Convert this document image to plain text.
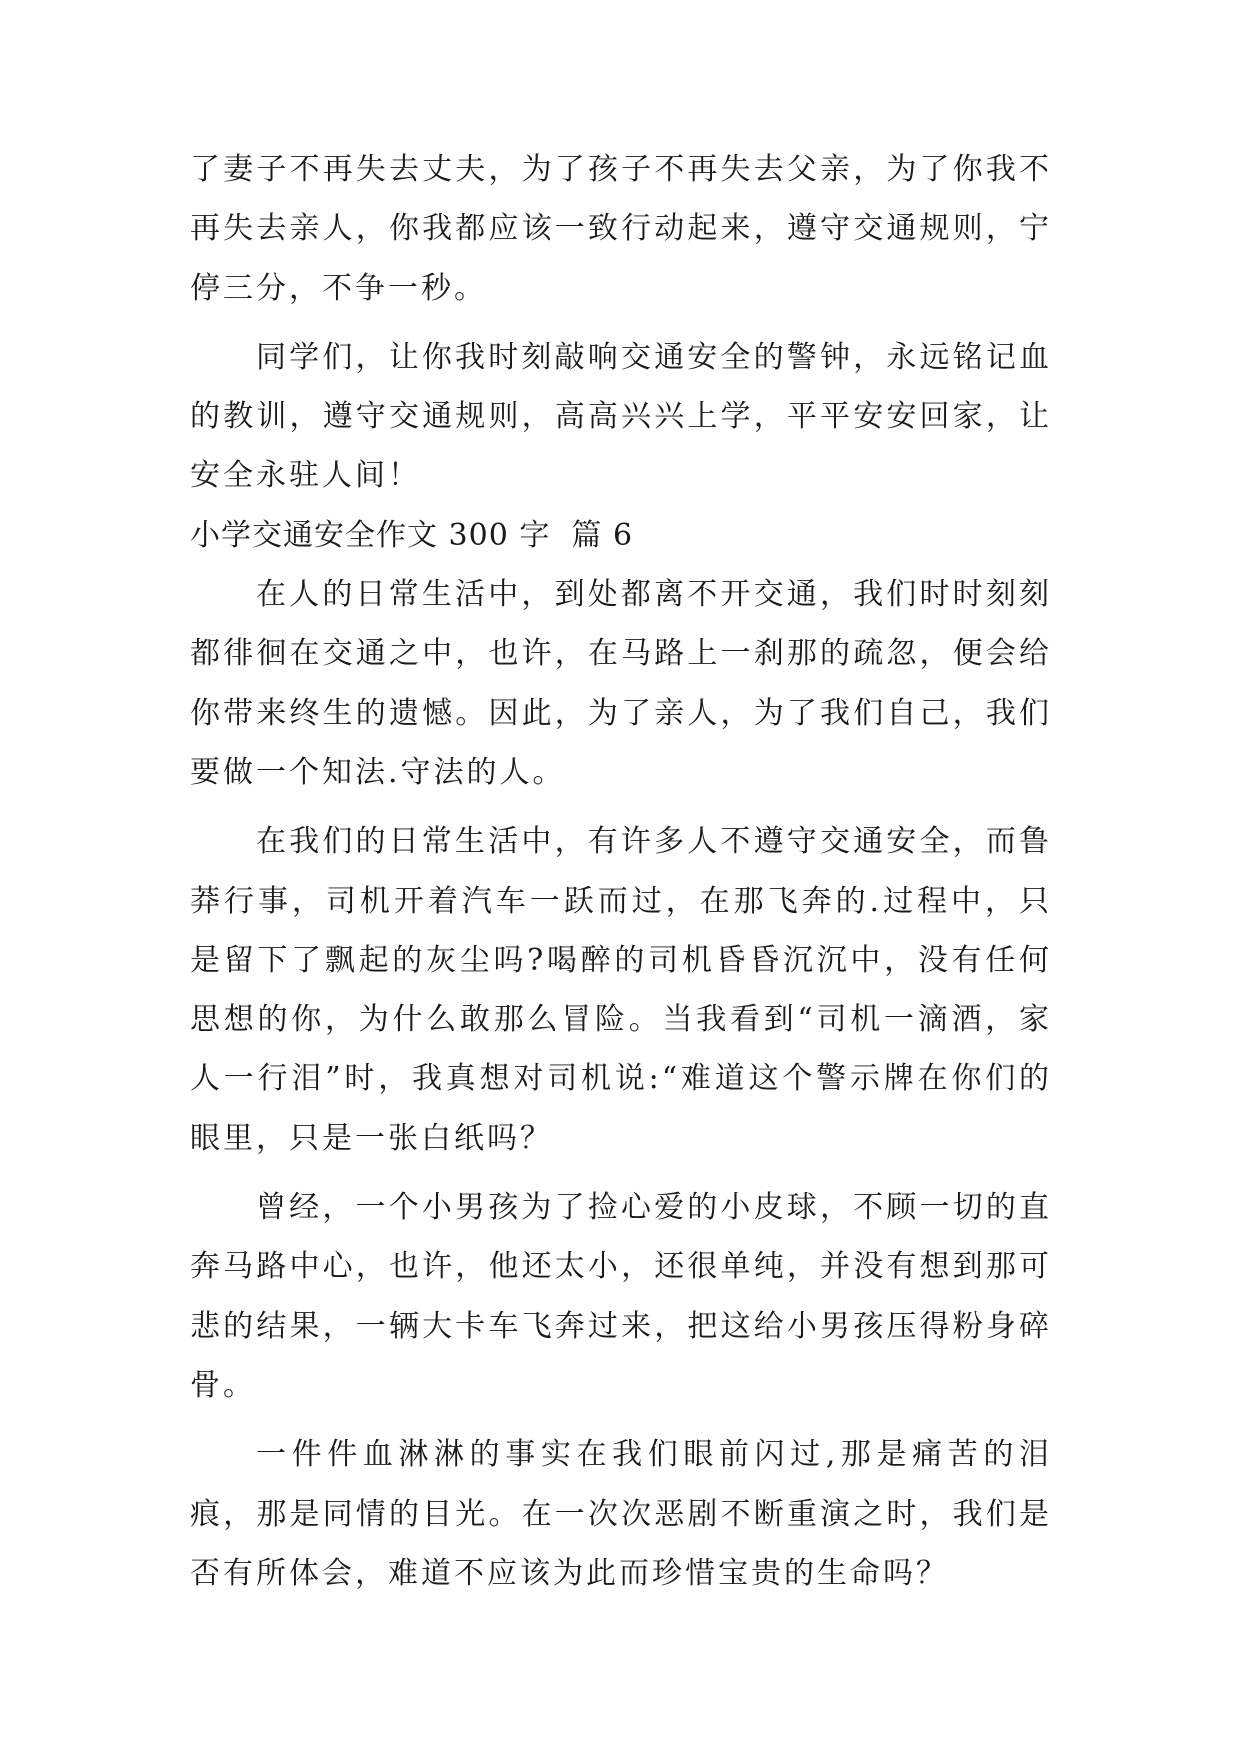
了妻子不再失去丈夫，为了孩子不再失去父亲，为了你我不再失去亲人，你我都应该一致行动起来，遵守交通规则，宁停三分，不争一秒。

同学们，让你我时刻敲响交通安全的警钟，永远铭记血的教训，遵守交通规则，高高兴兴上学，平平安安回家，让安全永驻人间！

小学交通安全作文 300 字  篇 6

在人的日常生活中，到处都离不开交通，我们时时刻刻都徘徊在交通之中，也许，在马路上一刹那的疏忽，便会给你带来终生的遗憾。因此，为了亲人，为了我们自己，我们要做一个知法.守法的人。

在我们的日常生活中，有许多人不遵守交通安全，而鲁莽行事，司机开着汽车一跃而过，在那飞奔的.过程中，只是留下了飘起的灰尘吗?喝醉的司机昏昏沉沉中，没有任何思想的你，为什么敢那么冒险。当我看到“司机一滴酒，家人一行泪”时，我真想对司机说:“难道这个警示牌在你们的眼里，只是一张白纸吗？

曾经，一个小男孩为了捡心爱的小皮球，不顾一切的直奔马路中心，也许，他还太小，还很单纯，并没有想到那可悲的结果，一辆大卡车飞奔过来，把这给小男孩压得粉身碎骨。

一件件血淋淋的事实在我们眼前闪过,那是痛苦的泪痕，那是同情的目光。在一次次恶剧不断重演之时，我们是否有所体会，难道不应该为此而珍惜宝贵的生命吗？
